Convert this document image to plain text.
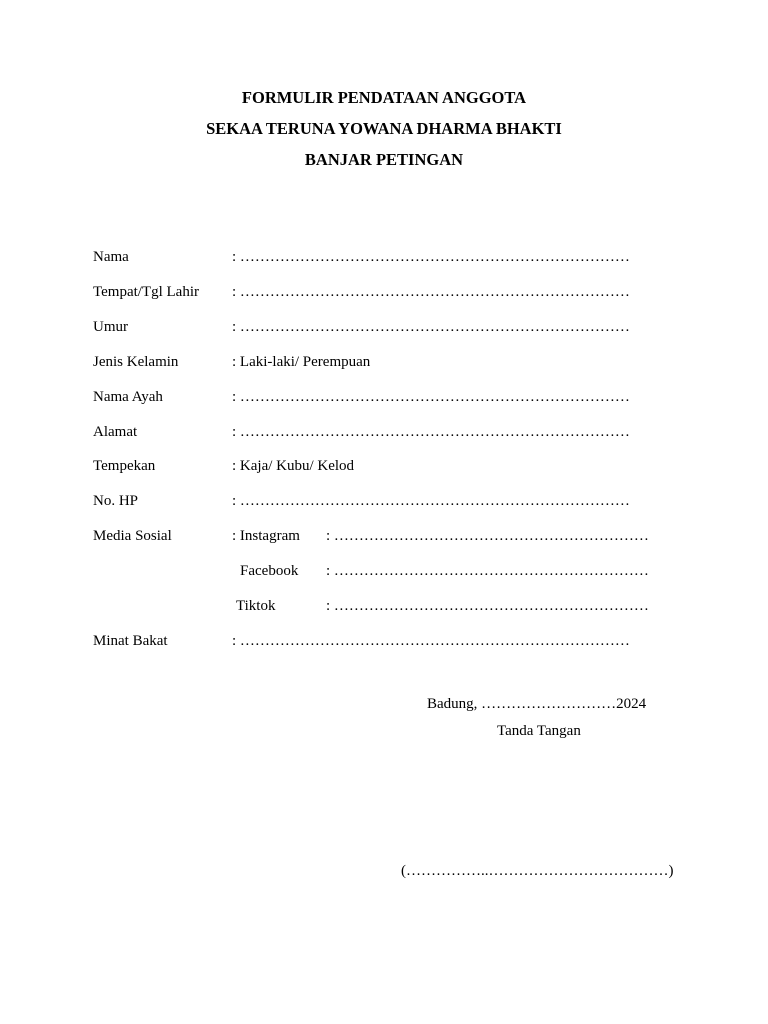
FORMULIR PENDATAAN ANGGOTA
SEKAA TERUNA YOWANA DHARMA BHAKTI
BANJAR PETINGAN
Nama	: ……………………………………………………………………
Tempat/Tgl Lahir : ……………………………………………………………………
Umur	: ……………………………………………………………………
Jenis Kelamin	: Laki-laki/ Perempuan
Nama Ayah	: ……………………………………………………………………
Alamat	: ……………………………………………………………………
Tempekan	: Kaja/ Kubu/ Kelod
No. HP	: ……………………………………………………………………
Media Sosial	: Instagram : ………………………………………………………
Facebook : ………………………………………………………
Tiktok	: ………………………………………………………
Minat Bakat	: ……………………………………………………………………
Badung, ………………………2024
Tanda Tangan
(……………..………………………………)
